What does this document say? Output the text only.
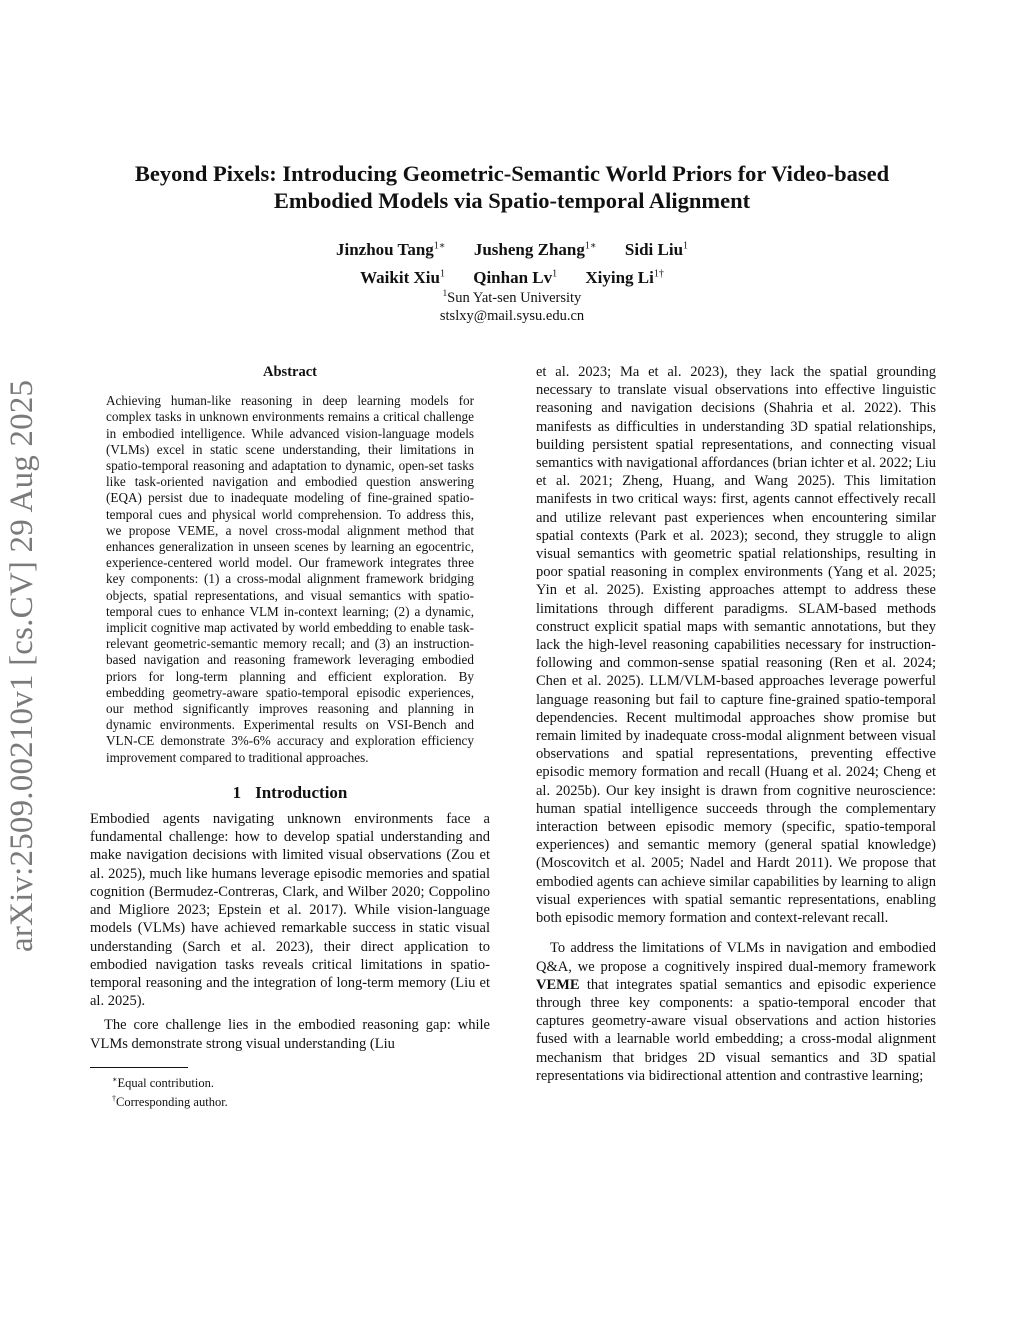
arXiv:2509.00210v1 [cs.CV] 29 Aug 2025
Beyond Pixels: Introducing Geometric-Semantic World Priors for Video-based
Embodied Models via Spatio-temporal Alignment
Jinzhou Tang$^{1∗}$ Jusheng Zhang$^{1∗}$ Sidi Liu$^1$
Waikit Xiu$^1$ Qinhan Lv$^1$ Xiying $Li^{1\dagger}$
$^1$Sun Yat-sen University
stslxy@mail.sysu.edu.cn
Abstract
Achieving human-like reasoning in deep learning models for complex tasks in unknown environments remains a critical challenge in embodied intelligence. While advanced vision-language models (VLMs) excel in static scene understanding, their limitations in spatio-temporal reasoning and adaptation to dynamic, open-set tasks like task-oriented navigation and embodied question answering (EQA) persist due to inadequate modeling of fine-grained spatio-temporal cues and physical world comprehension. To address this, we propose VEME, a novel cross-modal alignment method that enhances generalization in unseen scenes by learning an egocentric, experience-centered world model. Our framework integrates three key components: (1) a cross-modal alignment framework bridging objects, spatial representations, and visual semantics with spatio-temporal cues to enhance VLM in-context learning; (2) a dynamic, implicit cognitive map activated by world embedding to enable task-relevant geometric-semantic memory recall; and (3) an instruction-based navigation and reasoning framework leveraging embodied priors for long-term planning and efficient exploration. By embedding geometry-aware spatio-temporal episodic experiences, our method significantly improves reasoning and planning in dynamic environments. Experimental results on VSI-Bench and VLN-CE demonstrate 3%-6% accuracy and exploration efficiency improvement compared to traditional approaches.
1 Introduction

Embodied agents navigating unknown environments face a fundamental challenge: how to develop spatial understanding and make navigation decisions with limited visual observations (Zou et al. 2025), much like humans leverage episodic memories and spatial cognition (Bermudez-Contreras, Clark, and Wilber 2020; Coppolino and Migliore 2023; Epstein et al. 2017). While vision-language models (VLMs) have achieved remarkable success in static visual understanding (Sarch et al. 2023), their direct application to embodied navigation tasks reveals critical limitations in spatio-temporal reasoning and the integration of long-term memory (Liu et al. 2025).

The core challenge lies in the embodied reasoning gap: while VLMs demonstrate strong visual understanding (Liu

∗Equal contribution.
†Corresponding author.

et al. 2023; Ma et al. 2023), they lack the spatial grounding necessary to translate visual observations into effective linguistic reasoning and navigation decisions (Shahria et al. 2022). This manifests as difficulties in understanding 3D spatial relationships, building persistent spatial representations, and connecting visual semantics with navigational affordances (brian ichter et al. 2022; Liu et al. 2021; Zheng, Huang, and Wang 2025). This limitation manifests in two critical ways: first, agents cannot effectively recall and utilize relevant past experiences when encountering similar spatial contexts (Park et al. 2023); second, they struggle to align visual semantics with geometric spatial relationships, resulting in poor spatial reasoning in complex environments (Yang et al. 2025; Yin et al. 2025). Existing approaches attempt to address these limitations through different paradigms. SLAM-based methods construct explicit spatial maps with semantic annotations, but they lack the high-level reasoning capabilities necessary for instruction-following and common-sense spatial reasoning (Ren et al. 2024; Chen et al. 2025). LLM/VLM-based approaches leverage powerful language reasoning but fail to capture fine-grained spatio-temporal dependencies. Recent multimodal approaches show promise but remain limited by inadequate cross-modal alignment between visual observations and spatial representations, preventing effective episodic memory formation and recall (Huang et al. 2024; Cheng et al. 2025b). Our key insight is drawn from cognitive neuroscience: human spatial intelligence succeeds through the complementary interaction between episodic memory (specific, spatio-temporal experiences) and semantic memory (general spatial knowledge) (Moscovitch et al. 2005; Nadel and Hardt 2011). We propose that embodied agents can achieve similar capabilities by learning to align visual experiences with spatial semantic representations, enabling both episodic memory formation and context-relevant recall.

To address the limitations of VLMs in navigation and embodied Q&A, we propose a cognitively inspired dual-memory framework VEME that integrates spatial semantics and episodic experience through three key components: a spatio-temporal encoder that captures geometry-aware visual observations and action histories fused with a learnable world embedding; a cross-modal alignment mechanism that bridges 2D visual semantics and 3D spatial representations via bidirectional attention and contrastive learning;
